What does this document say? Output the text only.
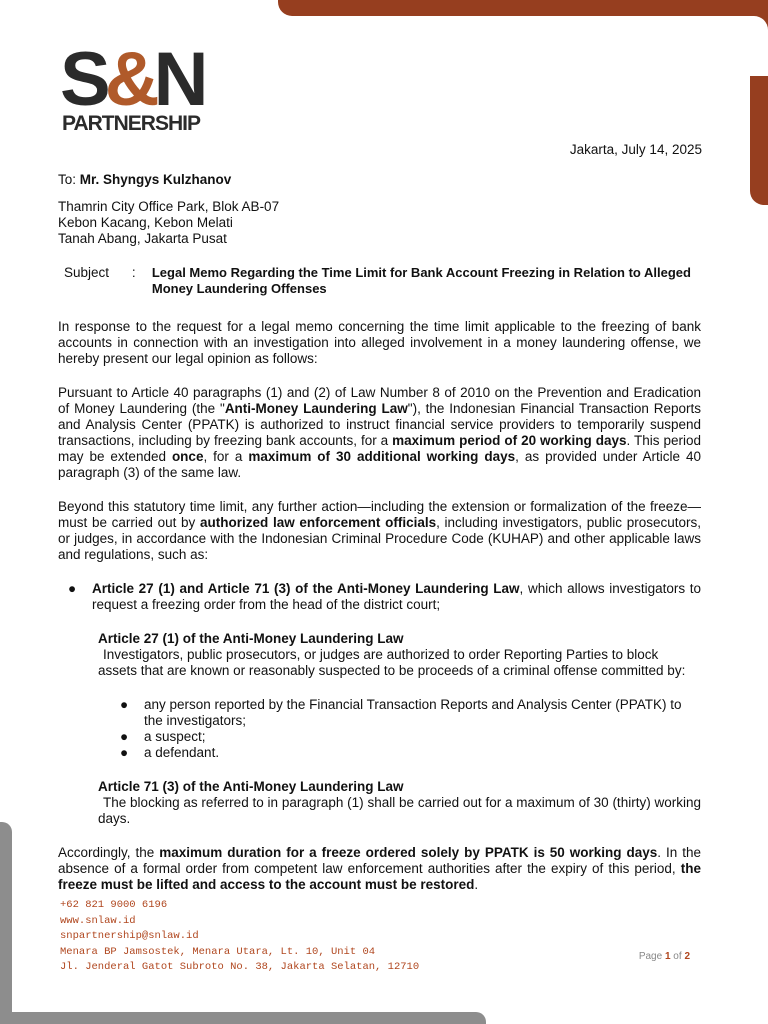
S&N
PARTNERSHIP
Jakarta, July 14, 2025
To: Mr. Shyngys Kulzhanov
Thamrin City Office Park, Blok AB-07
Kebon Kacang, Kebon Melati
Tanah Abang, Jakarta Pusat
Subject	:	Legal Memo Regarding the Time Limit for Bank Account Freezing in Relation to Alleged Money Laundering Offenses

In response to the request for a legal memo concerning the time limit applicable to the freezing of bank accounts in connection with an investigation into alleged involvement in a money laundering offense, we hereby present our legal opinion as follows:

Pursuant to Article 40 paragraphs (1) and (2) of Law Number 8 of 2010 on the Prevention and Eradication of Money Laundering (the "Anti-Money Laundering Law"), the Indonesian Financial Transaction Reports and Analysis Center (PPATK) is authorized to instruct financial service providers to temporarily suspend transactions, including by freezing bank accounts, for a maximum period of 20 working days. This period may be extended once, for a maximum of 30 additional working days, as provided under Article 40 paragraph (3) of the same law.

Beyond this statutory time limit, any further action—including the extension or formalization of the freeze—must be carried out by authorized law enforcement officials, including investigators, public prosecutors, or judges, in accordance with the Indonesian Criminal Procedure Code (KUHAP) and other applicable laws and regulations, such as:

●	Article 27 (1) and Article 71 (3) of the Anti-Money Laundering Law, which allows investigators to request a freezing order from the head of the district court;
Article 27 (1) of the Anti-Money Laundering Law

Investigators, public prosecutors, or judges are authorized to order Reporting Parties to block assets that are known or reasonably suspected to be proceeds of a criminal offense committed by:

●	any person reported by the Financial Transaction Reports and Analysis Center (PPATK) to the investigators;
●	a suspect;
●	a defendant.
Article 71 (3) of the Anti-Money Laundering Law

The blocking as referred to in paragraph (1) shall be carried out for a maximum of 30 (thirty) working days.

Accordingly, the maximum duration for a freeze ordered solely by PPATK is 50 working days. In the absence of a formal order from competent law enforcement authorities after the expiry of this period, the freeze must be lifted and access to the account must be restored.

+62 821 9000 6196
www.snlaw.id
snpartnership@snlaw.id
Menara BP Jamsostek, Menara Utara, Lt. 10, Unit 04
Jl. Jenderal Gatot Subroto No. 38, Jakarta Selatan, 12710
Page 1 of 2
